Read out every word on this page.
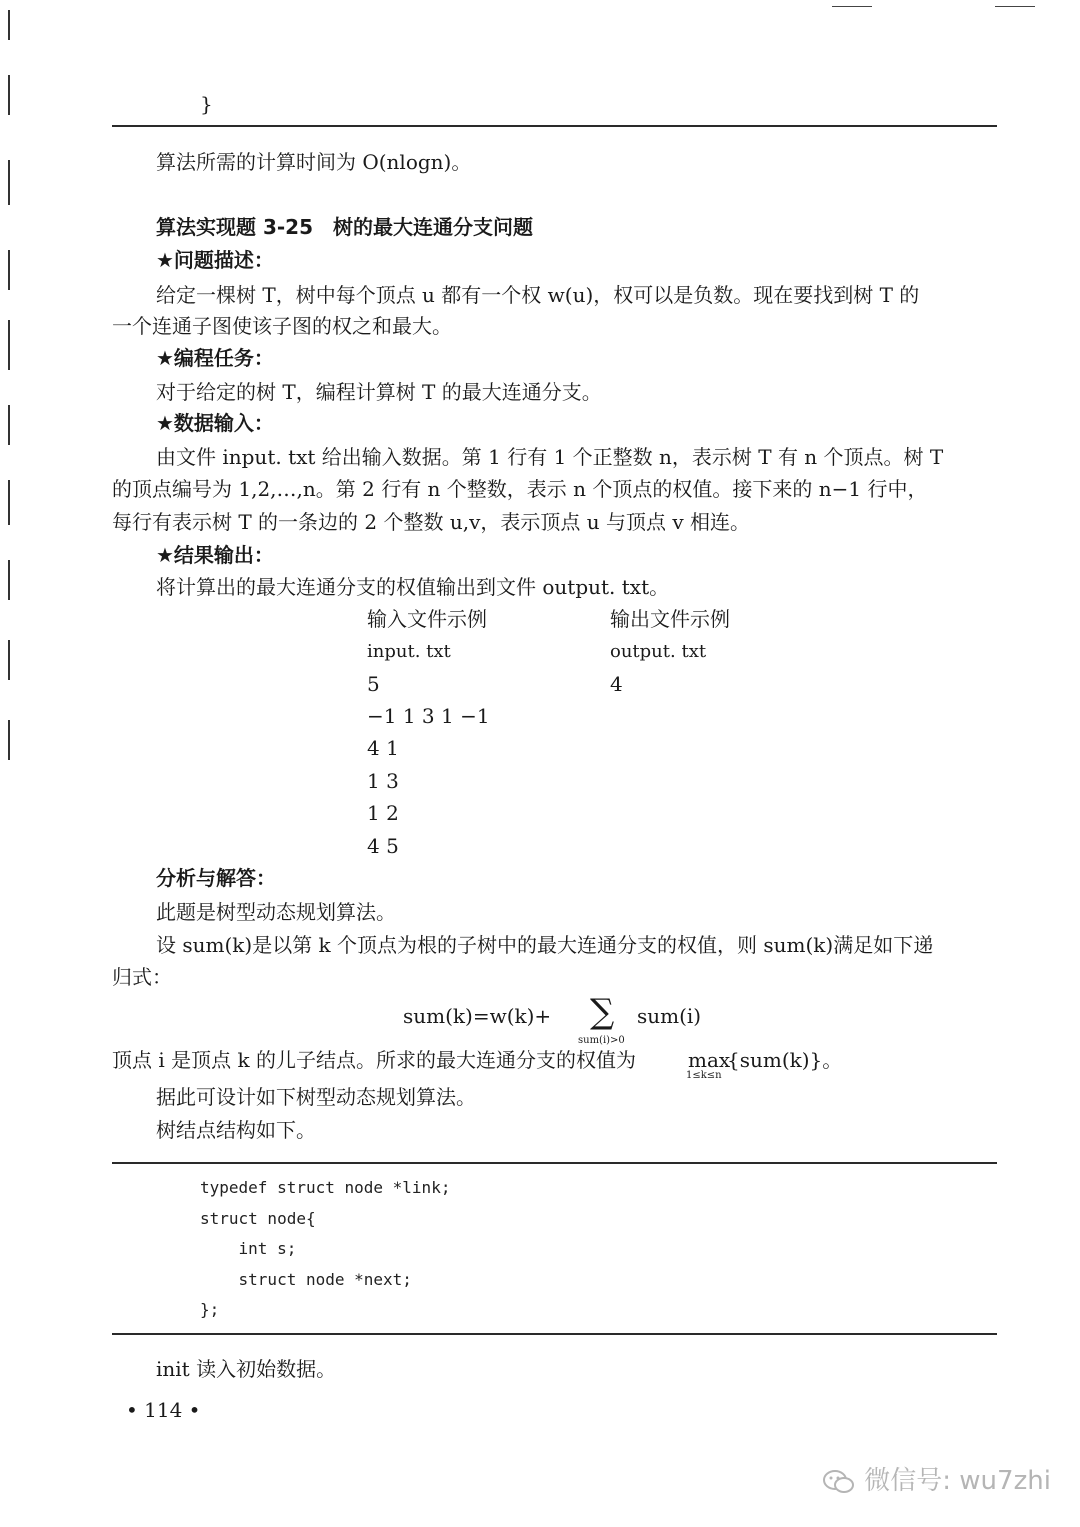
}
算法所需的计算时间为 O(nlogn)。
算法实现题 3-25　树的最大连通分支问题
★问题描述：
给定一棵树 T，树中每个顶点 u 都有一个权 w(u)，权可以是负数。现在要找到树 T 的
一个连通子图使该子图的权之和最大。
★编程任务：
对于给定的树 T，编程计算树 T 的最大连通分支。
★数据输入：
由文件 input. txt 给出输入数据。第 1 行有 1 个正整数 n，表示树 T 有 n 个顶点。树 T
的顶点编号为 1,2,…,n。第 2 行有 n 个整数，表示 n 个顶点的权值。接下来的 n−1 行中，
每行有表示树 T 的一条边的 2 个整数 u,v，表示顶点 u 与顶点 v 相连。
★结果输出：
将计算出的最大连通分支的权值输出到文件 output. txt。
输入文件示例	输出文件示例
input. txt	output. txt
5	4
−1 1 3 1 −1
4 1
1 3
1 2
4 5
分析与解答：
此题是树型动态规划算法。
设 sum(k)是以第 k 个顶点为根的子树中的最大连通分支的权值，则 sum(k)满足如下递
归式：
sum(k)=w(k)+ ∑
sum(i)>0
sum(i)
顶点 i 是顶点 k 的儿子结点。所求的最大连通分支的权值为	max
1≤k≤n
{sum(k)}。
据此可设计如下树型动态规划算法。
树结点结构如下。
typedef struct node *link;
struct node{
int s;
struct node *next;
};
init 读入初始数据。
• 114 •
微信号: wu7zhi
